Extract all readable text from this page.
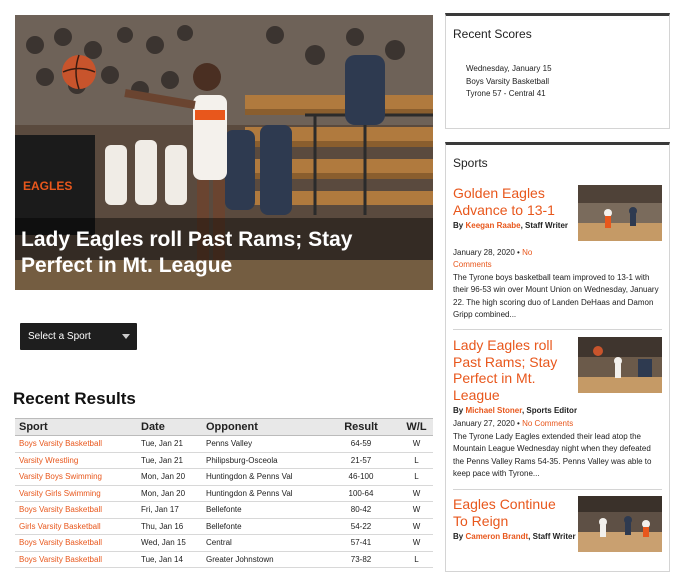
EAGLES
Lady Eagles roll Past Rams; Stay Perfect in Mt. League
Select a Sport
Recent Results
Sport	Date	Opponent	Result	W/L
Boys Varsity Basketball	Tue, Jan 21	Penns Valley	64-59	W
Varsity Wrestling	Tue, Jan 21	Philipsburg-Osceola	21-57	L
Varsity Boys Swimming	Mon, Jan 20	Huntingdon & Penns Val	46-100	L
Varsity Girls Swimming	Mon, Jan 20	Huntingdon & Penns Val	100-64	W
Boys Varsity Basketball	Fri, Jan 17	Bellefonte	80-42	W
Girls Varsity Basketball	Thu, Jan 16	Bellefonte	54-22	W
Boys Varsity Basketball	Wed, Jan 15	Central	57-41	W
Boys Varsity Basketball	Tue, Jan 14	Greater Johnstown	73-82	L
Recent Scores
Wednesday, January 15
Boys Varsity Basketball
Tyrone 57 - Central 41
Sports
Golden Eagles Advance to 13-1
By Keegan Raabe, Staff Writer
January 28, 2020 • No Comments
The Tyrone boys basketball team improved to 13-1 with their 96-53 win over Mount Union on Wednesday, January 22. The high scoring duo of Landen DeHaas and Damon Gripp combined...
Lady Eagles roll Past Rams; Stay Perfect in Mt. League
By Michael Stoner, Sports Editor
January 27, 2020 • No Comments
The Tyrone Lady Eagles extended their lead atop the Mountain League Wednesday night when they defeated the Penns Valley Rams 54-35. Penns Valley was able to keep pace with Tyrone...
Eagles Continue To Reign
By Cameron Brandt, Staff Writer
